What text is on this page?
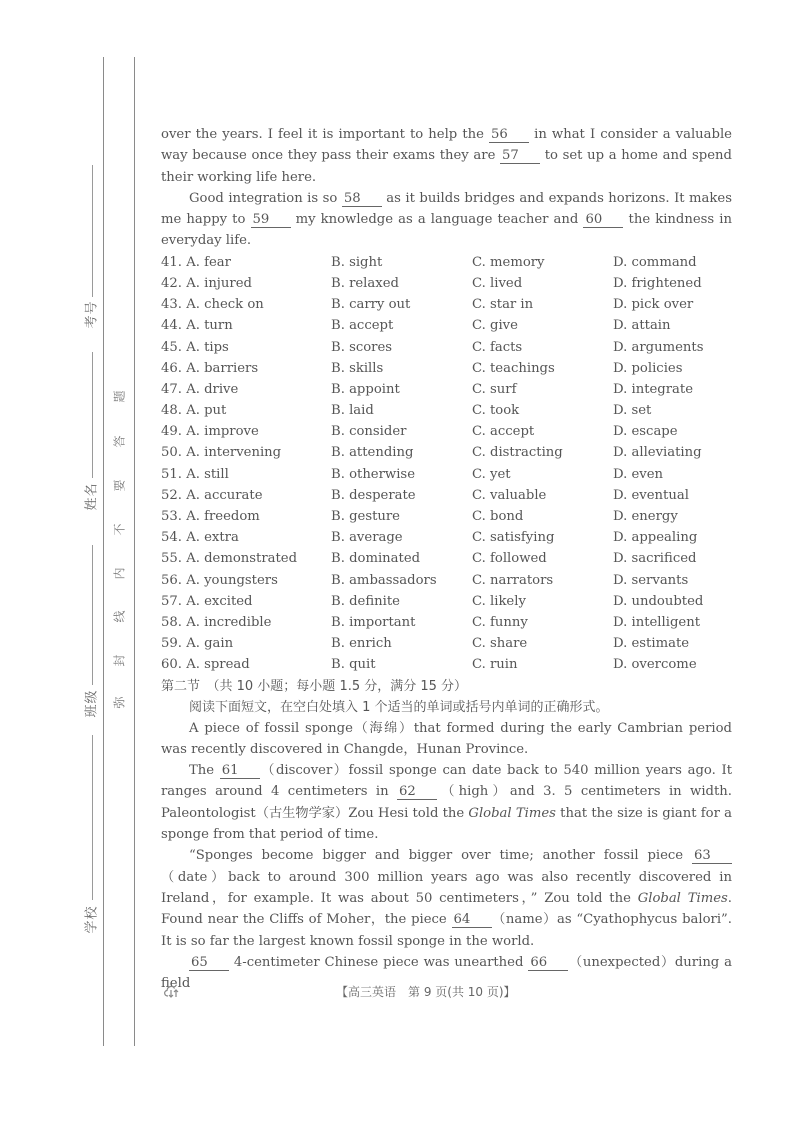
考号
姓名
班级
学校
弥
封
线
内
不
要
答
题

over the years. I feel it is important to help the 56 in what I consider a valuable way because once they pass their exams they are 57 to set up a home and spend their working life here.

Good integration is so 58 as it builds bridges and expands horizons. It makes me happy to 59 my knowledge as a language teacher and 60 the kindness in everyday life.

41. A. fear	B. sight	C. memory	D. command
42. A. injured	B. relaxed	C. lived	D. frightened
43. A. check on	B. carry out	C. star in	D. pick over
44. A. turn	B. accept	C. give	D. attain
45. A. tips	B. scores	C. facts	D. arguments
46. A. barriers	B. skills	C. teachings	D. policies
47. A. drive	B. appoint	C. surf	D. integrate
48. A. put	B. laid	C. took	D. set
49. A. improve	B. consider	C. accept	D. escape
50. A. intervening	B. attending	C. distracting	D. alleviating
51. A. still	B. otherwise	C. yet	D. even
52. A. accurate	B. desperate	C. valuable	D. eventual
53. A. freedom	B. gesture	C. bond	D. energy
54. A. extra	B. average	C. satisfying	D. appealing
55. A. demonstrated	B. dominated	C. followed	D. sacrificed
56. A. youngsters	B. ambassadors	C. narrators	D. servants
57. A. excited	B. definite	C. likely	D. undoubted
58. A. incredible	B. important	C. funny	D. intelligent
59. A. gain	B. enrich	C. share	D. estimate
60. A. spread	B. quit	C. ruin	D. overcome
第二节　（共 10 小题；每小题 1.5 分，满分 15 分）
阅读下面短文，在空白处填入 1 个适当的单词或括号内单词的正确形式。

A piece of fossil sponge（海绵）that formed during the early Cambrian period was recently discovered in Changde，Hunan Province.

The 61 （discover）fossil sponge can date back to 540 million years ago. It ranges around 4 centimeters in 62 （high）and 3. 5 centimeters in width. Paleontologist（古生物学家）Zou Hesi told the Global Times that the size is giant for a sponge from that period of time.

“Sponges become bigger and bigger over time; another fossil piece 63（date）back to around 300 million years ago was also recently discovered in Ireland，for example. It was about 50 centimeters，” Zou told the Global Times. Found near the Cliffs of Moher，the piece 64 （name）as “Cyathophycus balori”. It is so far the largest known fossil sponge in the world.

65 4-centimeter Chinese piece was unearthed 66 （unexpected）during a field

【高三英语　第 9 页(共 10 页)】
